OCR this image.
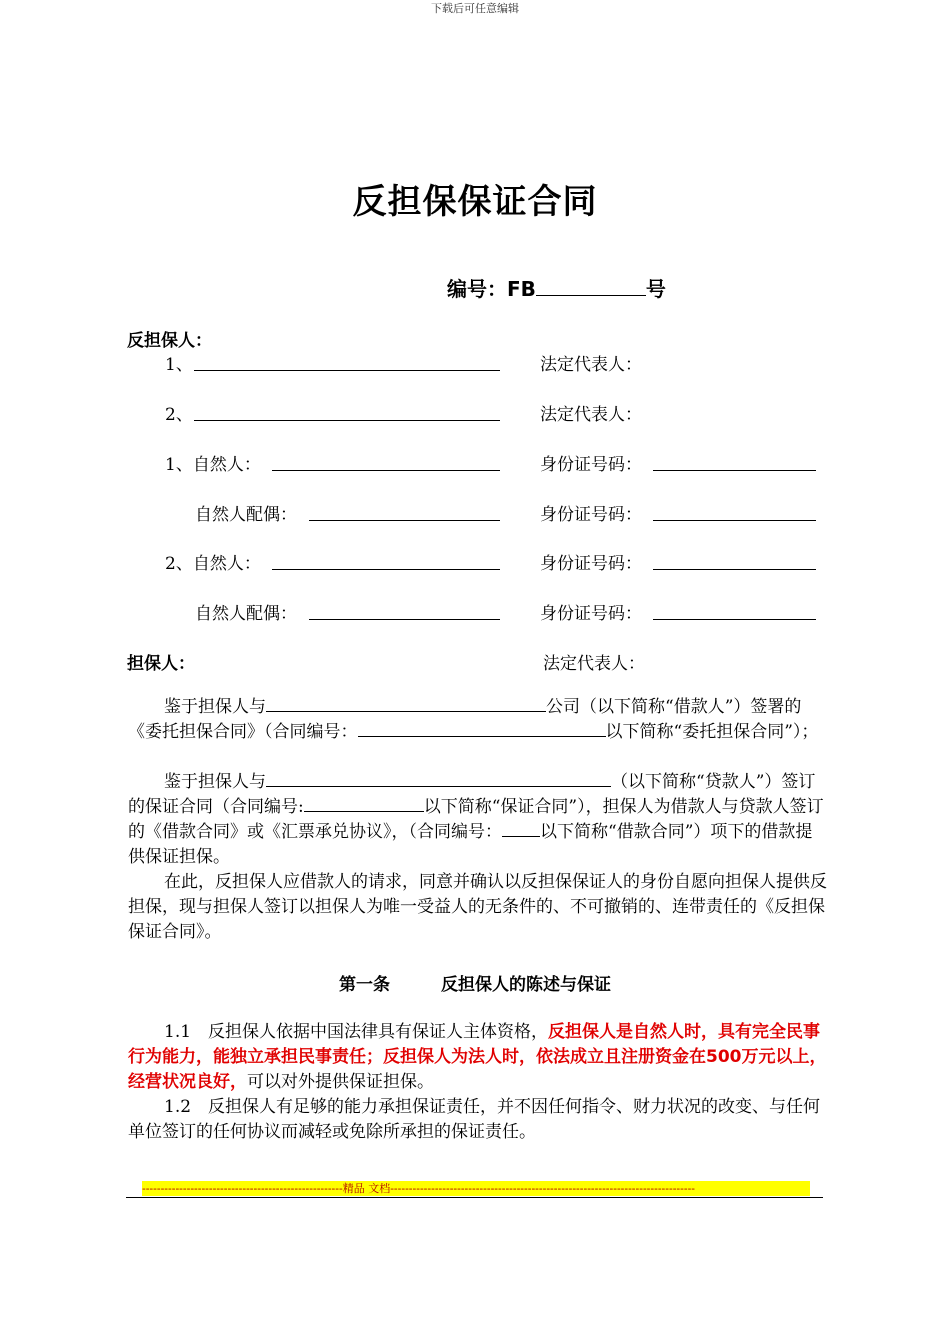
下载后可任意编辑
反担保保证合同
编号：FB	号
反担保人：
1、	法定代表人：
2、	法定代表人：
1、自然人：	身份证号码：
自然人配偶：	身份证号码：
2、自然人：	身份证号码：
自然人配偶：	身份证号码：
担保人：	法定代表人：
鉴于担保人与	公司（以下简称“借款人”）签署的《委托担保合同》（合同编号：	以下简称“委托担保合同”）；
鉴于担保人与	（以下简称“贷款人”）签订的保证合同（合同编号:	以下简称“保证合同”），担保人为借款人与贷款人签订的《借款合同》或《汇票承兑协议》，（合同编号： 以下简称“借款合同”）项下的借款提供保证担保。
在此，反担保人应借款人的请求，同意并确认以反担保保证人的身份自愿向担保人提供反担保，现与担保人签订以担保人为唯一受益人的无条件的、不可撤销的、连带责任的《反担保保证合同》。
第一条   	反担保人的陈述与保证
1.1   反担保人依据中国法律具有保证人主体资格，反担保人是自然人时，具有完全民事行为能力，能独立承担民事责任；反担保人为法人时，依法成立且注册资金在500万元以上，经营状况良好，可以对外提供保证担保。
1.2   反担保人有足够的能力承担保证责任，并不因任何指令、财力状况的改变、与任何单位签订的任何协议而减轻或免除所承担的保证责任。
------------------------------------------------------精品 文档----------------------------------------------------------------------------------
